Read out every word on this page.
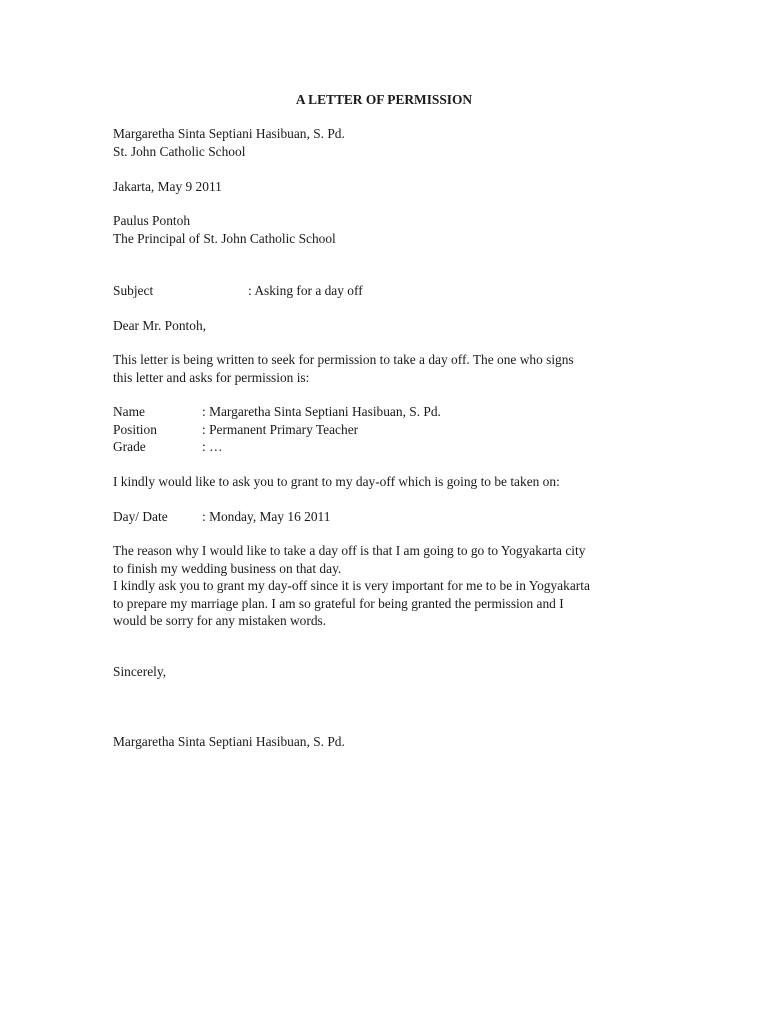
A LETTER OF PERMISSION
Margaretha Sinta Septiani Hasibuan, S. Pd.
St. John Catholic School
Jakarta, May 9 2011
Paulus Pontoh
The Principal of St. John Catholic School
Subject	: Asking for a day off
Dear Mr. Pontoh,
This letter is being written to seek for permission to take a day off. The one who signs
this letter and asks for permission is:
Name	: Margaretha Sinta Septiani Hasibuan, S. Pd.
Position	: Permanent Primary Teacher
Grade	: …
I kindly would like to ask you to grant to my day-off which is going to be taken on:
Day/ Date	: Monday, May 16 2011
The reason why I would like to take a day off is that I am going to go to Yogyakarta city
to finish my wedding business on that day.
I kindly ask you to grant my day-off since it is very important for me to be in Yogyakarta
to prepare my marriage plan. I am so grateful for being granted the permission and I
would be sorry for any mistaken words.
Sincerely,
Margaretha Sinta Septiani Hasibuan, S. Pd.
